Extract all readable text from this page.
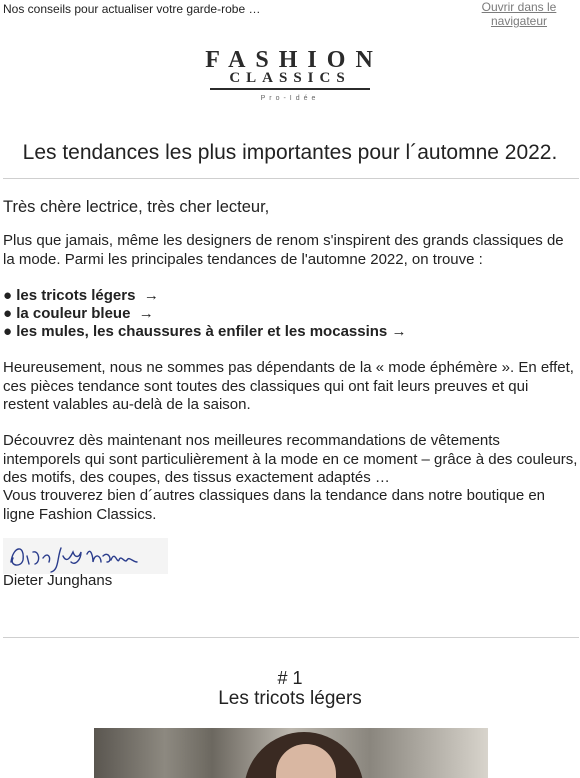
Nos conseils pour actualiser votre garde-robe …	Ouvrir dans le navigateur
FASHION
CLASSICS
Pro-Idée
Les tendances les plus importantes pour l´automne 2022.
Très chère lectrice, très cher lecteur,
Plus que jamais, même les designers de renom s'inspirent des grands classiques de la mode. Parmi les principales tendances de l'automne 2022, on trouve :
● les tricots légers →
● la couleur bleue →
● les mules, les chaussures à enfiler et les mocassins →
Heureusement, nous ne sommes pas dépendants de la « mode éphémère ». En effet, ces pièces tendance sont toutes des classiques qui ont fait leurs preuves et qui restent valables au-delà de la saison.
Découvrez dès maintenant nos meilleures recommandations de vêtements intemporels qui sont particulièrement à la mode en ce moment – grâce à des couleurs, des motifs, des coupes, des tissus exactement adaptés …
Vous trouverez bien d´autres classiques dans la tendance dans notre boutique en ligne Fashion Classics.
Dieter Junghans
# 1
Les tricots légers
